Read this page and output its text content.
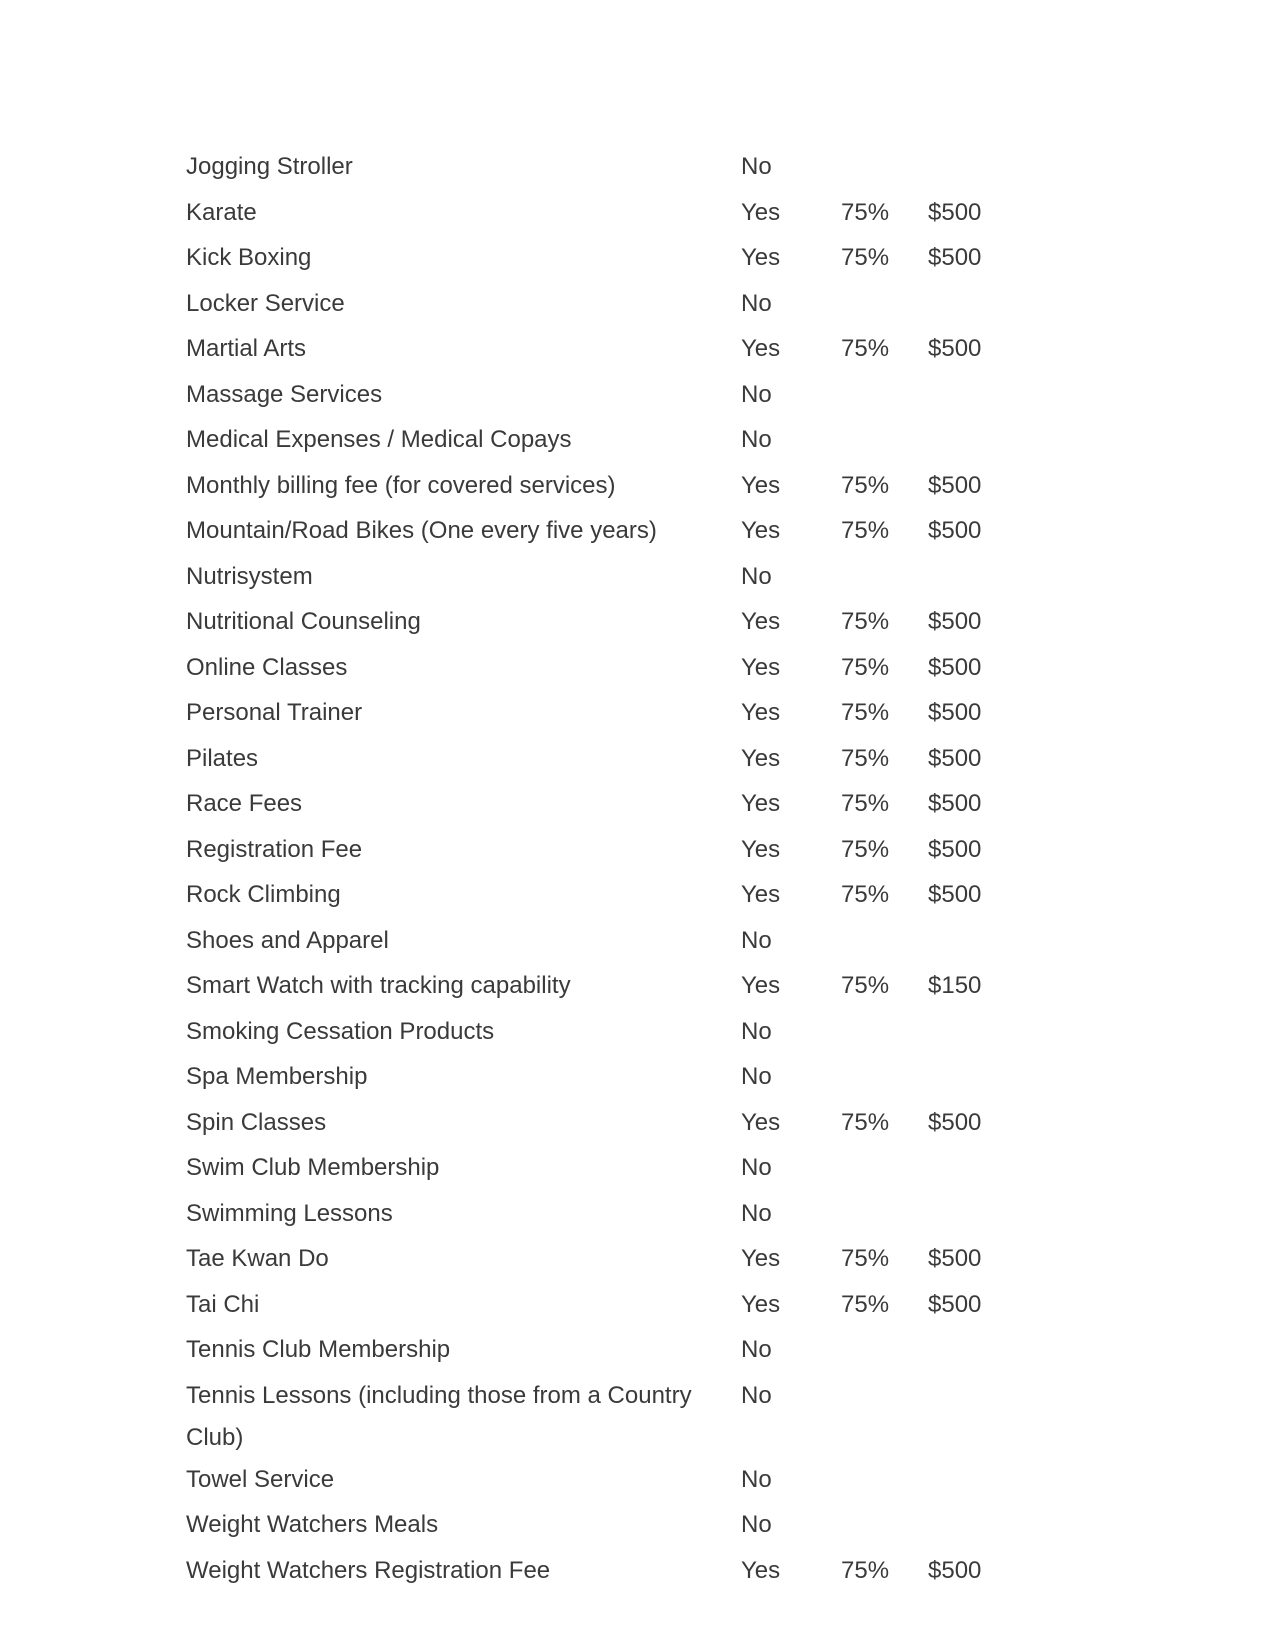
Jogging Stroller	No		
Karate	Yes	75%	$500
Kick Boxing	Yes	75%	$500
Locker Service	No		
Martial Arts	Yes	75%	$500
Massage Services	No		
Medical Expenses / Medical Copays	No		
Monthly billing fee (for covered services)	Yes	75%	$500
Mountain/Road Bikes (One every five years)	Yes	75%	$500
Nutrisystem	No		
Nutritional Counseling	Yes	75%	$500
Online Classes	Yes	75%	$500
Personal Trainer	Yes	75%	$500
Pilates	Yes	75%	$500
Race Fees	Yes	75%	$500
Registration Fee	Yes	75%	$500
Rock Climbing	Yes	75%	$500
Shoes and Apparel	No		
Smart Watch with tracking capability	Yes	75%	$150
Smoking Cessation Products	No		
Spa Membership	No		
Spin Classes	Yes	75%	$500
Swim Club Membership	No		
Swimming Lessons	No		
Tae Kwan Do	Yes	75%	$500
Tai Chi	Yes	75%	$500
Tennis Club Membership	No		
Tennis Lessons (including those from a Country Club)	No		
Towel Service	No		
Weight Watchers Meals	No		
Weight Watchers Registration Fee	Yes	75%	$500
